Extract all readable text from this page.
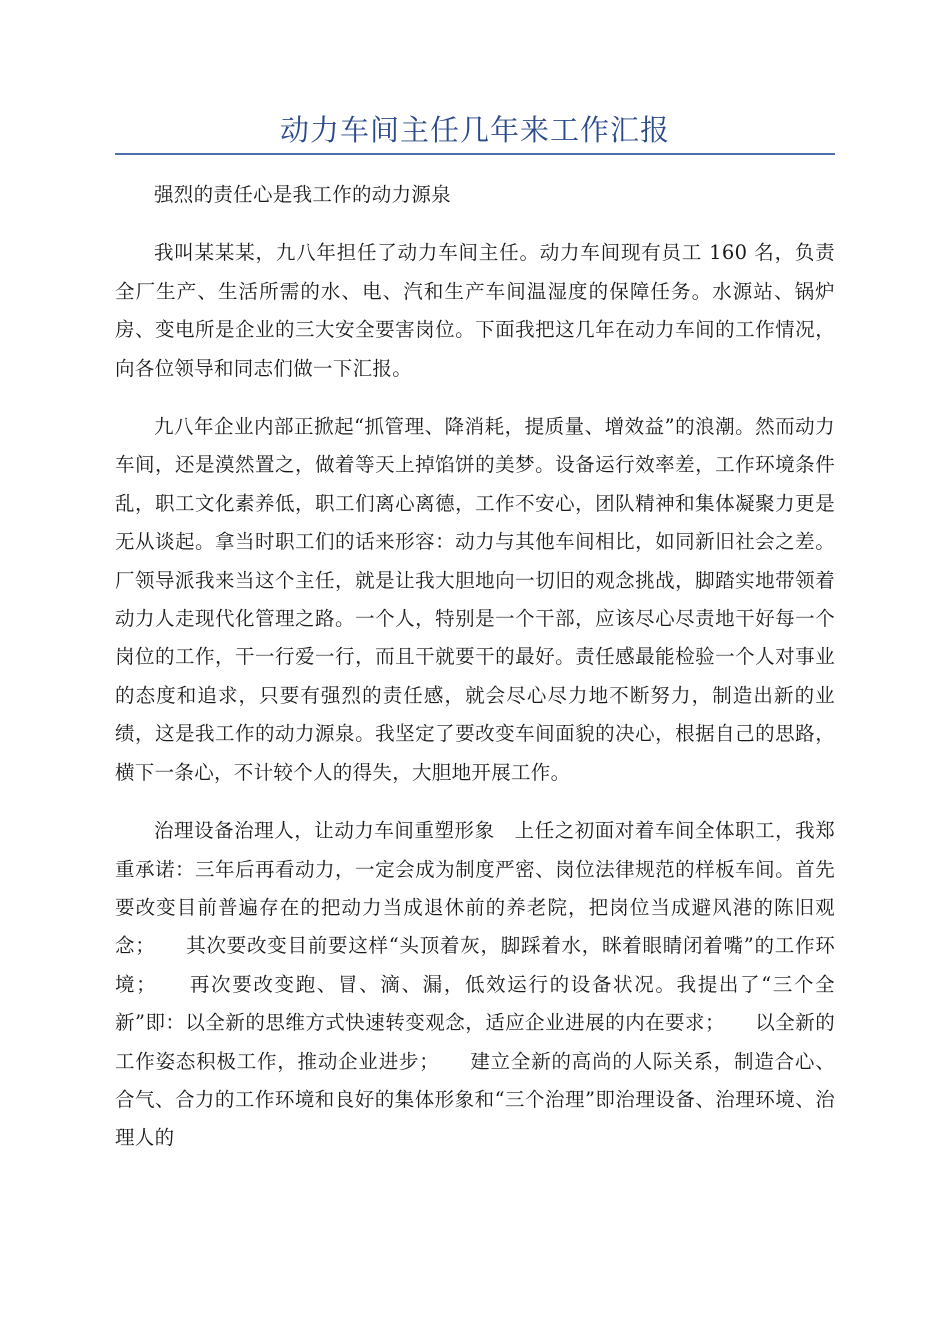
动力车间主任几年来工作汇报

强烈的责任心是我工作的动力源泉

我叫某某某，九八年担任了动力车间主任。动力车间现有员工 160 名，负责全厂生产、生活所需的水、电、汽和生产车间温湿度的保障任务。水源站、锅炉房、变电所是企业的三大安全要害岗位。下面我把这几年在动力车间的工作情况，向各位领导和同志们做一下汇报。

九八年企业内部正掀起“抓管理、降消耗，提质量、增效益”的浪潮。然而动力车间，还是漠然置之，做着等天上掉馅饼的美梦。设备运行效率差，工作环境条件乱，职工文化素养低，职工们离心离德，工作不安心，团队精神和集体凝聚力更是无从谈起。拿当时职工们的话来形容：动力与其他车间相比，如同新旧社会之差。厂领导派我来当这个主任，就是让我大胆地向一切旧的观念挑战，脚踏实地带领着动力人走现代化管理之路。一个人，特别是一个干部，应该尽心尽责地干好每一个岗位的工作，干一行爱一行，而且干就要干的最好。责任感最能检验一个人对事业的态度和追求，只要有强烈的责任感，就会尽心尽力地不断努力，制造出新的业绩，这是我工作的动力源泉。我坚定了要改变车间面貌的决心，根据自己的思路，横下一条心，不计较个人的得失，大胆地开展工作。

治理设备治理人，让动力车间重塑形象　上任之初面对着车间全体职工，我郑重承诺：三年后再看动力，一定会成为制度严密、岗位法律规范的样板车间。首先要改变目前普遍存在的把动力当成退休前的养老院，把岗位当成避风港的陈旧观念；　　其次要改变目前要这样“头顶着灰，脚踩着水，眯着眼睛闭着嘴”的工作环境；　　再次要改变跑、冒、滴、漏，低效运行的设备状况。我提出了“三个全新”即：以全新的思维方式快速转变观念，适应企业进展的内在要求；　　以全新的工作姿态积极工作，推动企业进步；　　建立全新的高尚的人际关系，制造合心、合气、合力的工作环境和良好的集体形象和“三个治理”即治理设备、治理环境、治理人的
